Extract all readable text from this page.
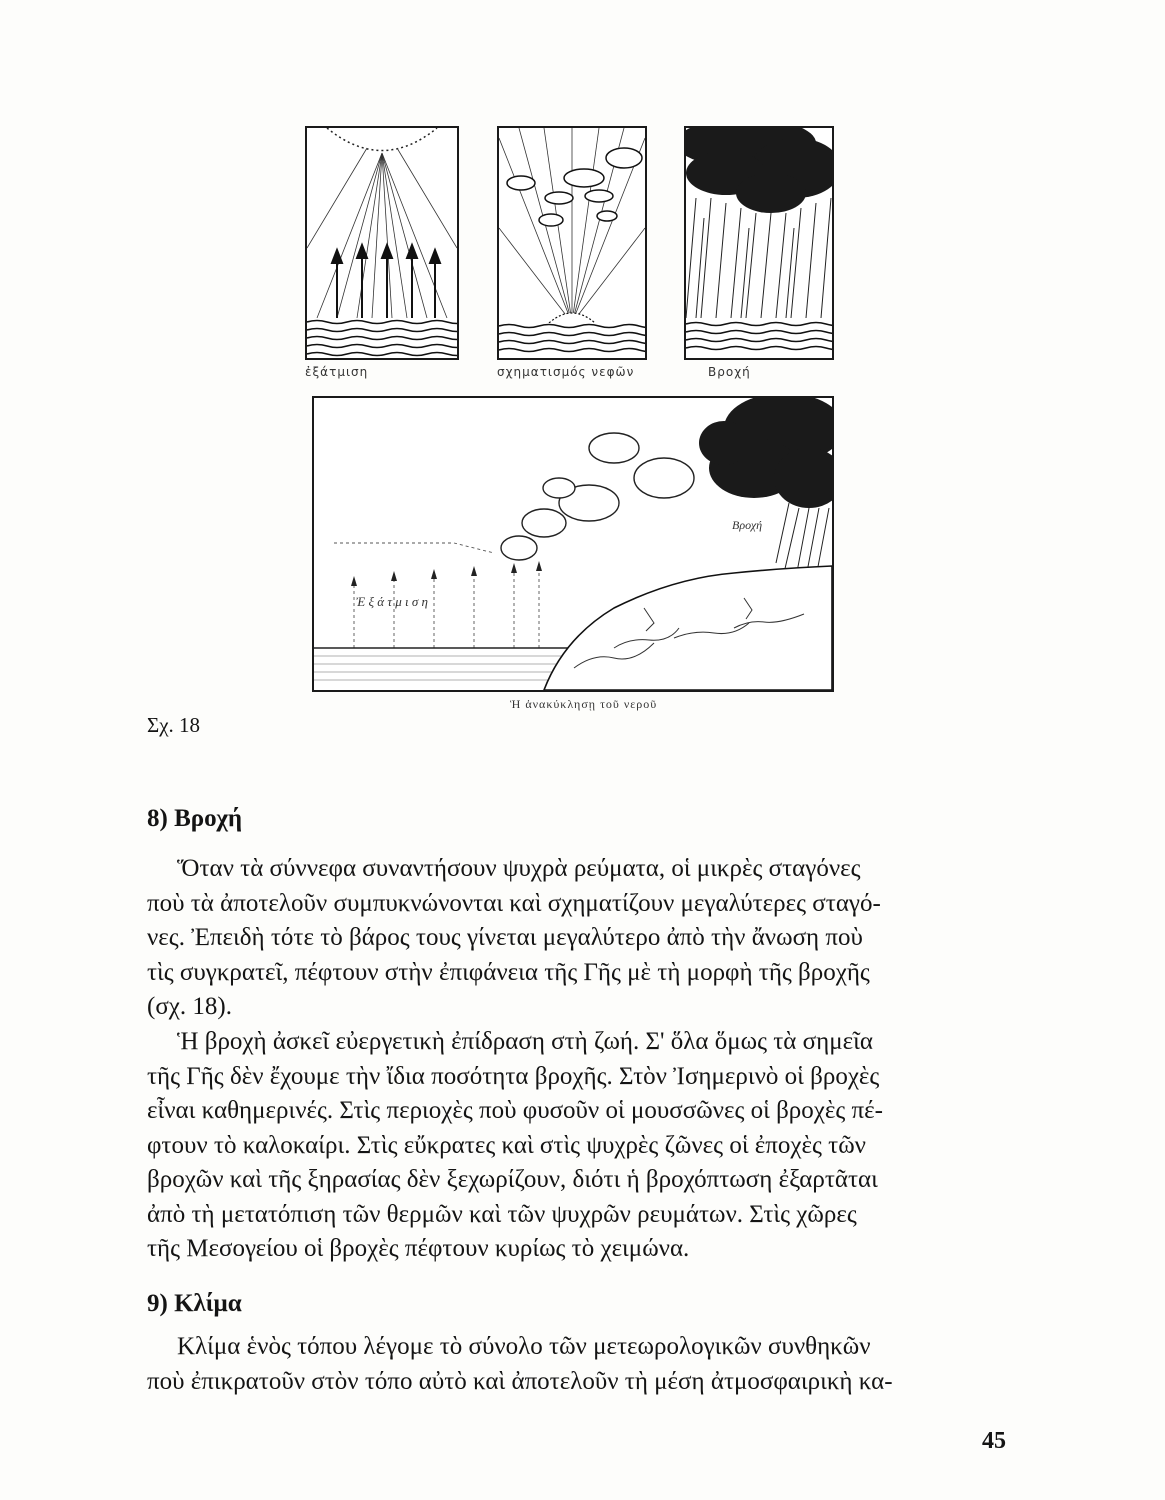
ἐξάτμιση	σχηματισμός νεφῶν	Βροχή
Βροχή
Ἐ ξ ά τ μ ι σ η
Ἡ ἀνακύκλησῃ τοῦ νεροῦ
Σχ. 18
8) Βροχή
Ὅταν τὰ σύννεφα συναντήσουν ψυχρὰ ρεύματα, οἱ μικρὲς σταγόνες
ποὺ τὰ ἀποτελοῦν συμπυκνώνονται καὶ σχηματίζουν μεγαλύτερες σταγό-
νες. Ἐπειδὴ τότε τὸ βάρος τους γίνεται μεγαλύτερο ἀπὸ τὴν ἄνωση ποὺ
τὶς συγκρατεῖ, πέφτουν στὴν ἐπιφάνεια τῆς Γῆς μὲ τὴ μορφὴ τῆς βροχῆς
(σχ. 18).
Ἡ βροχὴ ἀσκεῖ εὐεργετικὴ ἐπίδραση στὴ ζωή. Σ' ὅλα ὅμως τὰ σημεῖα
τῆς Γῆς δὲν ἔχουμε τὴν ἴδια ποσότητα βροχῆς. Στὸν Ἰσημερινὸ οἱ βροχὲς
εἶναι καθημερινές. Στὶς περιοχὲς ποὺ φυσοῦν οἱ μουσσῶνες οἱ βροχὲς πέ-
φτουν τὸ καλοκαίρι. Στὶς εὔκρατες καὶ στὶς ψυχρὲς ζῶνες οἱ ἐποχὲς τῶν
βροχῶν καὶ τῆς ξηρασίας δὲν ξεχωρίζουν, διότι ἡ βροχόπτωση ἐξαρτᾶται
ἀπὸ τὴ μετατόπιση τῶν θερμῶν καὶ τῶν ψυχρῶν ρευμάτων. Στὶς χῶρες
τῆς Μεσογείου οἱ βροχὲς πέφτουν κυρίως τὸ χειμώνα.
9) Κλίμα
Κλίμα ἑνὸς τόπου λέγομε τὸ σύνολο τῶν μετεωρολογικῶν συνθηκῶν
ποὺ ἐπικρατοῦν στὸν τόπο αὐτὸ καὶ ἀποτελοῦν τὴ μέση ἀτμοσφαιρικὴ κα-
45
